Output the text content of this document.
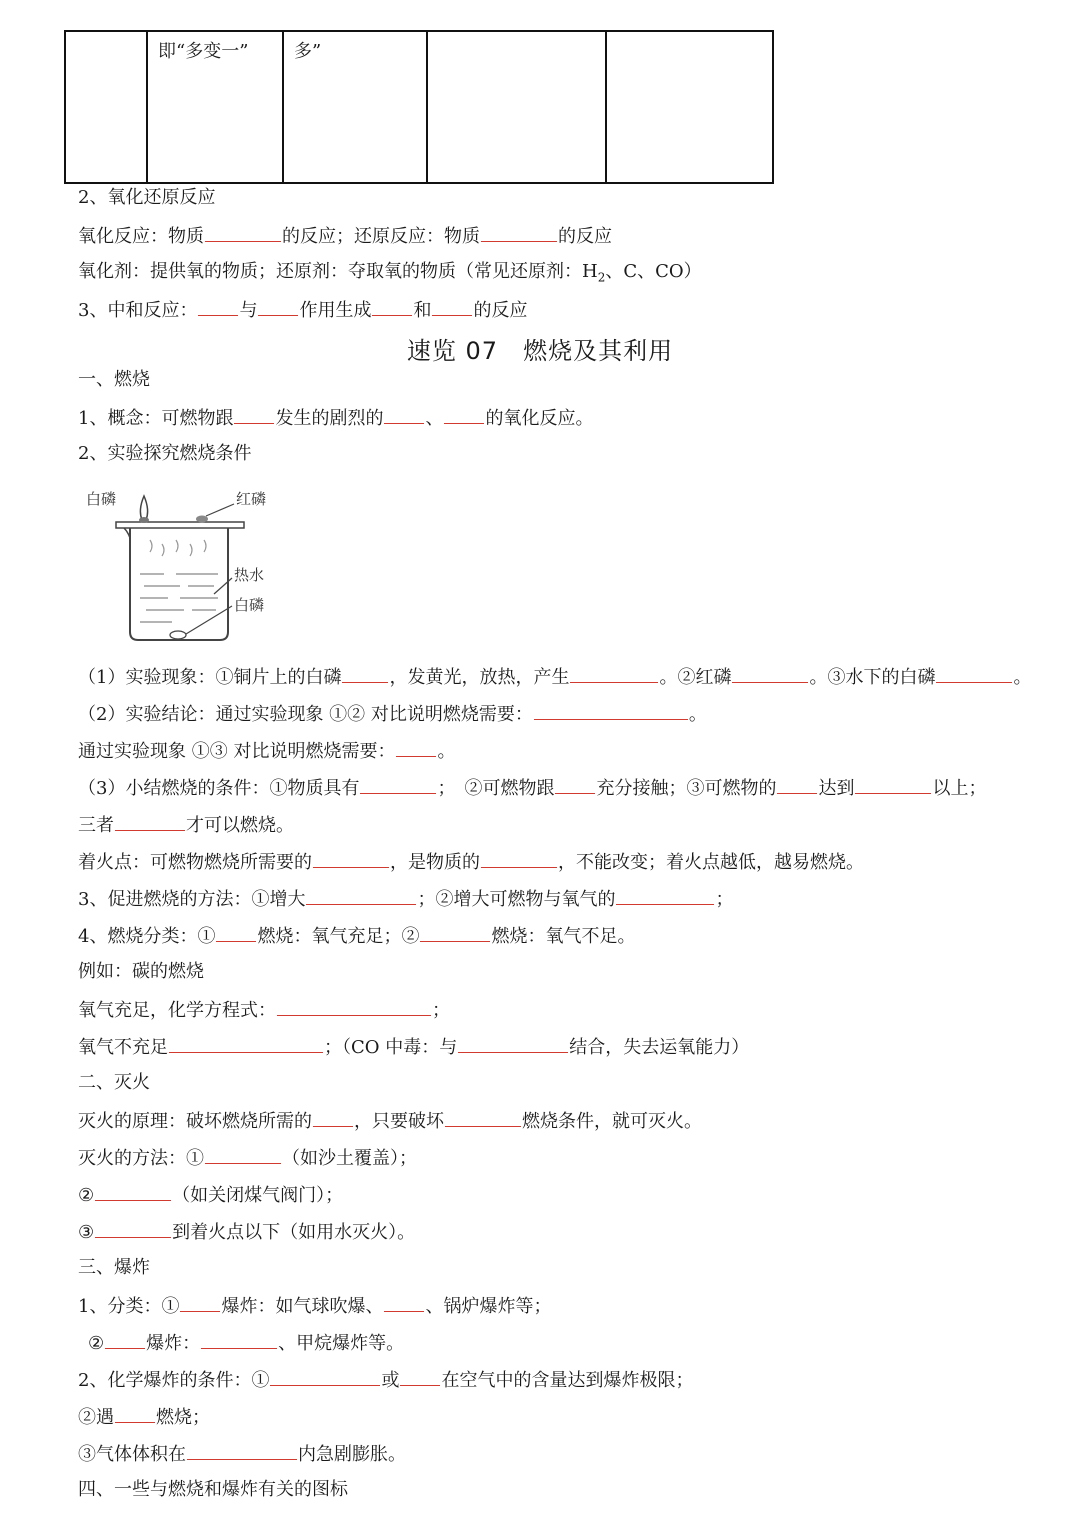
	即“多变一”	多”		
2、氧化还原反应
氧化反应：物质	的反应；还原反应：物质	的反应
氧化剂：提供氧的物质；还原剂：夺取氧的物质（常见还原剂：$H_2$、C、CO）
3、中和反应： 与 作用生成 和 的反应
速览 07　燃烧及其利用
一、燃烧
1、概念：可燃物跟 发生的剧烈的 、 的氧化反应。
2、实验探究燃烧条件
白磷	红磷
热水
白磷
（1）实验现象：①铜片上的白磷	，发黄光，放热，产生	。②红磷	。③水下的白磷	。
（2）实验结论：通过实验现象 ①② 对比说明燃烧需要：	。
通过实验现象 ①③ 对比说明燃烧需要： 。
（3）小结燃烧的条件：①物质具有	；　②可燃物跟 充分接触；③可燃物的 达到	以上；
三者	才可以燃烧。
着火点：可燃物燃烧所需要的	，是物质的	，不能改变；着火点越低，越易燃烧。
3、促进燃烧的方法：①增大	；②增大可燃物与氧气的	；
4、燃烧分类：① 燃烧：氧气充足；②	燃烧：氧气不足。
例如：碳的燃烧
氧气充足，化学方程式：	；
氧气不充足	；（CO 中毒：与	结合，失去运氧能力）
二、灭火
灭火的原理：破坏燃烧所需的 ，只要破坏	燃烧条件，就可灭火。
灭火的方法：①	（如沙土覆盖）；
②	（如关闭煤气阀门）；
③	到着火点以下（如用水灭火）。
三、爆炸
1、分类：① 爆炸：如气球吹爆、 、锅炉爆炸等；
② 爆炸：	、甲烷爆炸等。
2、化学爆炸的条件：①	或 在空气中的含量达到爆炸极限；
②遇 燃烧；
③气体体积在	内急剧膨胀。
四、一些与燃烧和爆炸有关的图标
